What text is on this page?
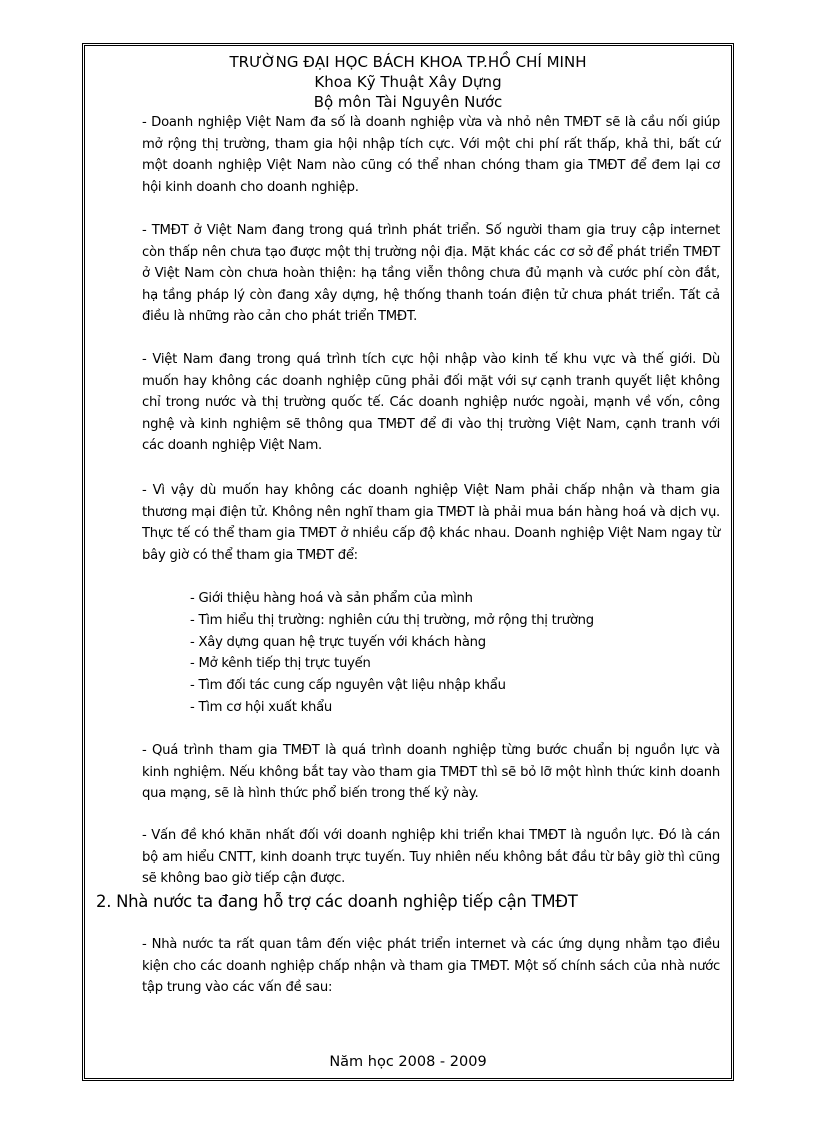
TRƯỜNG ĐẠI HỌC BÁCH KHOA TP.HỒ CHÍ MINH
Khoa Kỹ Thuật Xây Dựng
Bộ môn Tài Nguyên Nước
- Doanh nghiệp Việt Nam đa số là doanh nghiệp vừa và nhỏ nên TMĐT sẽ là cầu nối giúp mở rộng thị trường, tham gia hội nhập tích cực. Với một chi phí rất thấp, khả thi, bất cứ một doanh nghiệp Việt Nam nào cũng có thể nhan chóng tham gia TMĐT để đem lại cơ hội kinh doanh cho doanh nghiệp.
- TMĐT ở Việt Nam đang trong quá trình phát triển. Số người tham gia truy cập internet còn thấp nên chưa tạo được một thị trường nội địa. Mặt khác các cơ sở để phát triển TMĐT ở Việt Nam còn chưa hoàn thiện: hạ tầng viễn thông chưa đủ mạnh và cước phí còn đắt, hạ tầng pháp lý còn đang xây dựng, hệ thống thanh toán điện tử chưa phát triển. Tất cả điều là những rào cản cho phát triển TMĐT.
- Việt Nam đang trong quá trình tích cực hội nhập vào kinh tế khu vực và thế giới. Dù muốn hay không các doanh nghiệp cũng phải đối mặt với sự cạnh tranh quyết liệt không chỉ trong nước và thị trường quốc tế. Các doanh nghiệp nước ngoài, mạnh về vốn, công nghệ và kinh nghiệm sẽ thông qua TMĐT để đi vào thị trường Việt Nam, cạnh tranh với các doanh nghiệp Việt Nam.
- Vì vậy dù muốn hay không các doanh nghiệp Việt Nam phải chấp nhận và tham gia thương mại điện tử. Không nên nghĩ tham gia TMĐT là phải mua bán hàng hoá và dịch vụ. Thực tế có thể tham gia TMĐT ở nhiều cấp độ khác nhau. Doanh nghiệp Việt Nam ngay từ bây giờ có thể tham gia TMĐT để:
- Giới thiệu hàng hoá và sản phẩm của mình
- Tìm hiểu thị trường: nghiên cứu thị trường, mở rộng thị trường
- Xây dựng quan hệ trực tuyến với khách hàng
- Mở kênh tiếp thị trực tuyến
- Tìm đối tác cung cấp nguyên vật liệu nhập khẩu
- Tìm cơ hội xuất khẩu
- Quá trình tham gia TMĐT là quá trình doanh nghiệp từng bước chuẩn bị nguồn lực và kinh nghiệm. Nếu không bắt tay vào tham gia TMĐT thì sẽ bỏ lỡ một hình thức kinh doanh qua mạng, sẽ là hình thức phổ biến trong thế kỷ này.
- Vấn đề khó khăn nhất đối với doanh nghiệp khi triển khai TMĐT là nguồn lực. Đó là cán bộ am hiểu CNTT, kinh doanh trực tuyến. Tuy nhiên nếu không bắt đầu từ bây giờ thì cũng sẽ không bao giờ tiếp cận được.
2. Nhà nước ta đang hỗ trợ các doanh nghiệp tiếp cận TMĐT
- Nhà nước ta rất quan tâm đến việc phát triển internet và các ứng dụng nhằm tạo điều kiện cho các doanh nghiệp chấp nhận và tham gia TMĐT. Một số chính sách của nhà nước tập trung vào các vấn đề sau:
Năm học 2008 - 2009
